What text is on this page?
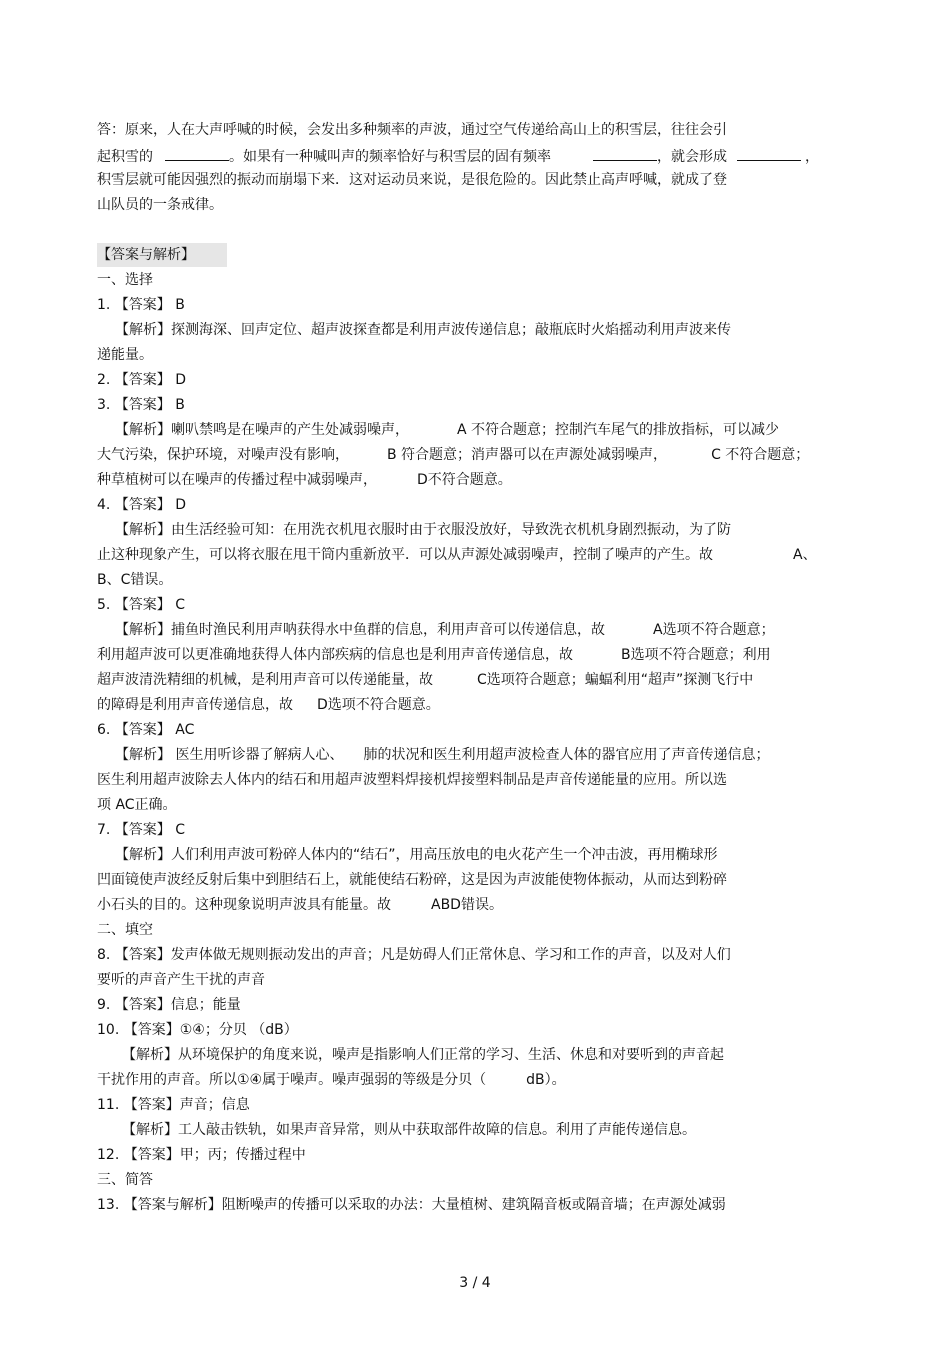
答：原来，人在大声呼喊的时候，会发出多种频率的声波，通过空气传递给高山上的积雪层，往往会引
起积雪的	。如果有一种喊叫声的频率恰好与积雪层的固有频率	，就会形成	，
积雪层就可能因强烈的振动而崩塌下来．这对运动员来说，是很危险的。因此禁止高声呼喊，就成了登
山队员的一条戒律。
【答案与解析】
一、选择
1. 【答案】 B
【解析】探测海深、回声定位、超声波探查都是利用声波传递信息；敲瓶底时火焰摇动利用声波来传
递能量。
2. 【答案】 D
3. 【答案】 B
【解析】喇叭禁鸣是在噪声的产生处减弱噪声，	A 不符合题意；控制汽车尾气的排放指标，可以减少
大气污染，保护环境，对噪声没有影响，	B 符合题意；消声器可以在声源处减弱噪声，	C 不符合题意；
种草植树可以在噪声的传播过程中减弱噪声，	D不符合题意。
4. 【答案】 D
【解析】由生活经验可知：在用洗衣机甩衣服时由于衣服没放好，导致洗衣机机身剧烈振动，为了防
止这种现象产生，可以将衣服在甩干筒内重新放平．可以从声源处减弱噪声，控制了噪声的产生。故	A、
B、C错误。
5. 【答案】 C
【解析】捕鱼时渔民利用声呐获得水中鱼群的信息，利用声音可以传递信息，故	A选项不符合题意；
利用超声波可以更准确地获得人体内部疾病的信息也是利用声音传递信息，故	B选项不符合题意；利用
超声波清洗精细的机械，是利用声音可以传递能量，故	C选项符合题意；蝙蝠利用“超声”探测飞行中
的障碍是利用声音传递信息，故 D选项不符合题意。
6. 【答案】 AC
【解析】 医生用听诊器了解病人心、 肺的状况和医生利用超声波检查人体的器官应用了声音传递信息；
医生利用超声波除去人体内的结石和用超声波塑料焊接机焊接塑料制品是声音传递能量的应用。所以选
项 AC正确。
7. 【答案】 C
【解析】人们利用声波可粉碎人体内的“结石”，用高压放电的电火花产生一个冲击波，再用椭球形
凹面镜使声波经反射后集中到胆结石上，就能使结石粉碎，这是因为声波能使物体振动，从而达到粉碎
小石头的目的。这种现象说明声波具有能量。故	ABD错误。
二、填空
8. 【答案】发声体做无规则振动发出的声音；凡是妨碍人们正常休息、学习和工作的声音，以及对人们
要听的声音产生干扰的声音
9. 【答案】信息；能量
10. 【答案】①④；分贝 （dB）
【解析】从环境保护的角度来说，噪声是指影响人们正常的学习、生活、休息和对要听到的声音起
干扰作用的声音。所以①④属于噪声。噪声强弱的等级是分贝（	dB）。
11. 【答案】声音；信息
【解析】工人敲击铁轨，如果声音异常，则从中获取部件故障的信息。利用了声能传递信息。
12. 【答案】甲；丙；传播过程中
三、简答
13. 【答案与解析】阻断噪声的传播可以采取的办法：大量植树、建筑隔音板或隔音墙；在声源处减弱
3 / 4
